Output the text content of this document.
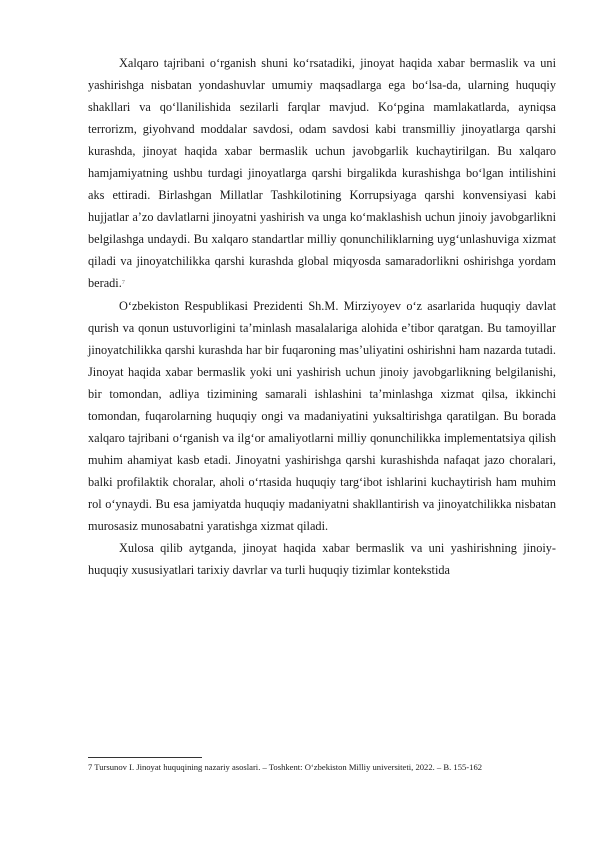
Xalqaro tajribani o‘rganish shuni ko‘rsatadiki, jinoyat haqida xabar bermaslik va uni yashirishga nisbatan yondashuvlar umumiy maqsadlarga ega bo‘lsa-da, ularning huquqiy shakllari va qo‘llanilishida sezilarli farqlar mavjud. Ko‘pgina mamlakatlarda, ayniqsa terrorizm, giyohvand moddalar savdosi, odam savdosi kabi transmilliy jinoyatlarga qarshi kurashda, jinoyat haqida xabar bermaslik uchun javobgarlik kuchaytirilgan. Bu xalqaro hamjamiyatning ushbu turdagi jinoyatlarga qarshi birgalikda kurashishga bo‘lgan intilishini aks ettiradi. Birlashgan Millatlar Tashkilotining Korrupsiyaga qarshi konvensiyasi kabi hujjatlar a’zo davlatlarni jinoyatni yashirish va unga ko‘maklashish uchun jinoiy javobgarlikni belgilashga undaydi. Bu xalqaro standartlar milliy qonunchiliklarning uyg‘unlashuviga xizmat qiladi va jinoyatchilikka qarshi kurashda global miqyosda samaradorlikni oshirishga yordam beradi.$^7$

O‘zbekiston Respublikasi Prezidenti Sh.M. Mirziyoyev o‘z asarlarida huquqiy davlat qurish va qonun ustuvorligini ta’minlash masalalariga alohida e’tibor qaratgan. Bu tamoyillar jinoyatchilikka qarshi kurashda har bir fuqaroning mas’uliyatini oshirishni ham nazarda tutadi. Jinoyat haqida xabar bermaslik yoki uni yashirish uchun jinoiy javobgarlikning belgilanishi, bir tomondan, adliya tizimining samarali ishlashini ta’minlashga xizmat qilsa, ikkinchi tomondan, fuqarolarning huquqiy ongi va madaniyatini yuksaltirishga qaratilgan. Bu borada xalqaro tajribani o‘rganish va ilg‘or amaliyotlarni milliy qonunchilikka implementatsiya qilish muhim ahamiyat kasb etadi. Jinoyatni yashirishga qarshi kurashishda nafaqat jazo choralari, balki profilaktik choralar, aholi o‘rtasida huquqiy targ‘ibot ishlarini kuchaytirish ham muhim rol o‘ynaydi. Bu esa jamiyatda huquqiy madaniyatni shakllantirish va jinoyatchilikka nisbatan murosasiz munosabatni yaratishga xizmat qiladi.

Xulosa qilib aytganda, jinoyat haqida xabar bermaslik va uni yashirishning jinoiy-huquqiy xususiyatlari tarixiy davrlar va turli huquqiy tizimlar kontekstida

7 Tursunov I. Jinoyat huquqining nazariy asoslari. – Toshkent: O‘zbekiston Milliy universiteti, 2022. – B. 155-162
